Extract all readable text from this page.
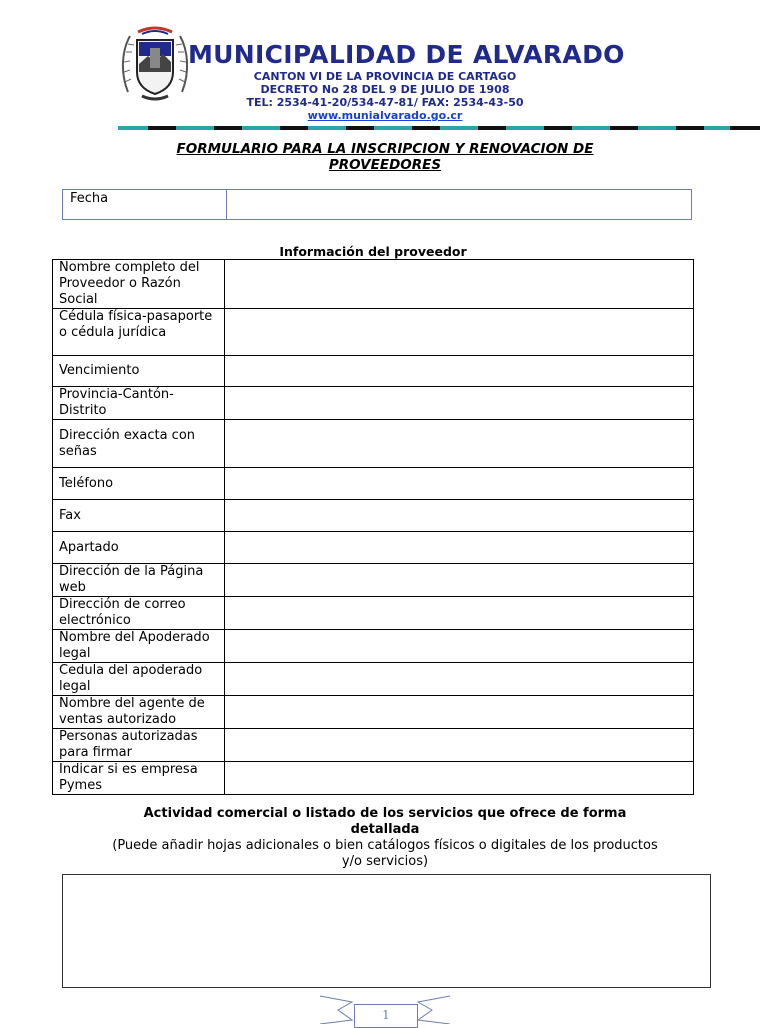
MUNICIPALIDAD DE ALVARADO
CANTON VI DE LA PROVINCIA DE CARTAGO
DECRETO No 28 DEL 9 DE JULIO DE 1908
TEL: 2534-41-20/534-47-81/ FAX: 2534-43-50
www.munialvarado.go.cr
FORMULARIO PARA LA INSCRIPCION Y RENOVACION DE
PROVEEDORES
Fecha
Información del proveedor
Nombre completo del Proveedor o Razón Social	
Cédula física-pasaporte o cédula jurídica	
Vencimiento	
Provincia-Cantón-Distrito	
Dirección exacta con señas	
Teléfono	
Fax	
Apartado	
Dirección de la Página web	
Dirección de correo electrónico	
Nombre del Apoderado legal	
Cedula del apoderado legal	
Nombre del agente de ventas autorizado	
Personas autorizadas para firmar	
Indicar si es empresa Pymes	
Actividad comercial o listado de los servicios que ofrece de forma detallada
(Puede añadir hojas adicionales o bien catálogos físicos o digitales de los productos y/o servicios)
1
